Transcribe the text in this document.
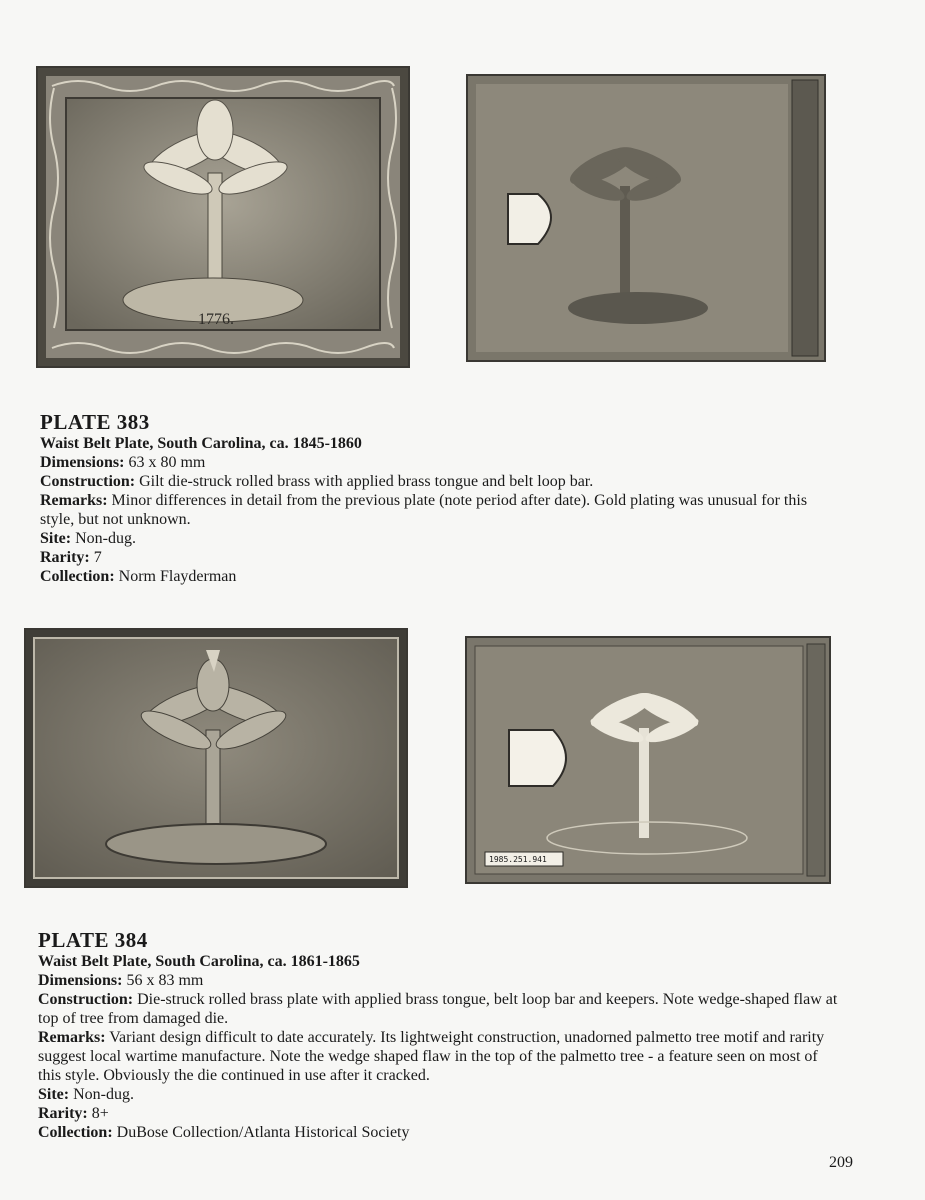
1776.
PLATE 383
Waist Belt Plate, South Carolina, ca. 1845-1860
Dimensions: 63 x 80 mm
Construction: Gilt die-struck rolled brass with applied brass tongue and belt loop bar.
Remarks: Minor differences in detail from the previous plate (note period after date). Gold plating was unusual for this style, but not unknown.
Site: Non-dug.
Rarity: 7
Collection: Norm Flayderman
1985.251.941
PLATE 384
Waist Belt Plate, South Carolina, ca. 1861-1865
Dimensions: 56 x 83 mm
Construction: Die-struck rolled brass plate with applied brass tongue, belt loop bar and keepers. Note wedge-shaped flaw at top of tree from damaged die.
Remarks: Variant design difficult to date accurately. Its lightweight construction, unadorned palmetto tree motif and rarity suggest local wartime manufacture. Note the wedge shaped flaw in the top of the palmetto tree - a feature seen on most of this style. Obviously the die continued in use after it cracked.
Site: Non-dug.
Rarity: 8+
Collection: DuBose Collection/Atlanta Historical Society
209
